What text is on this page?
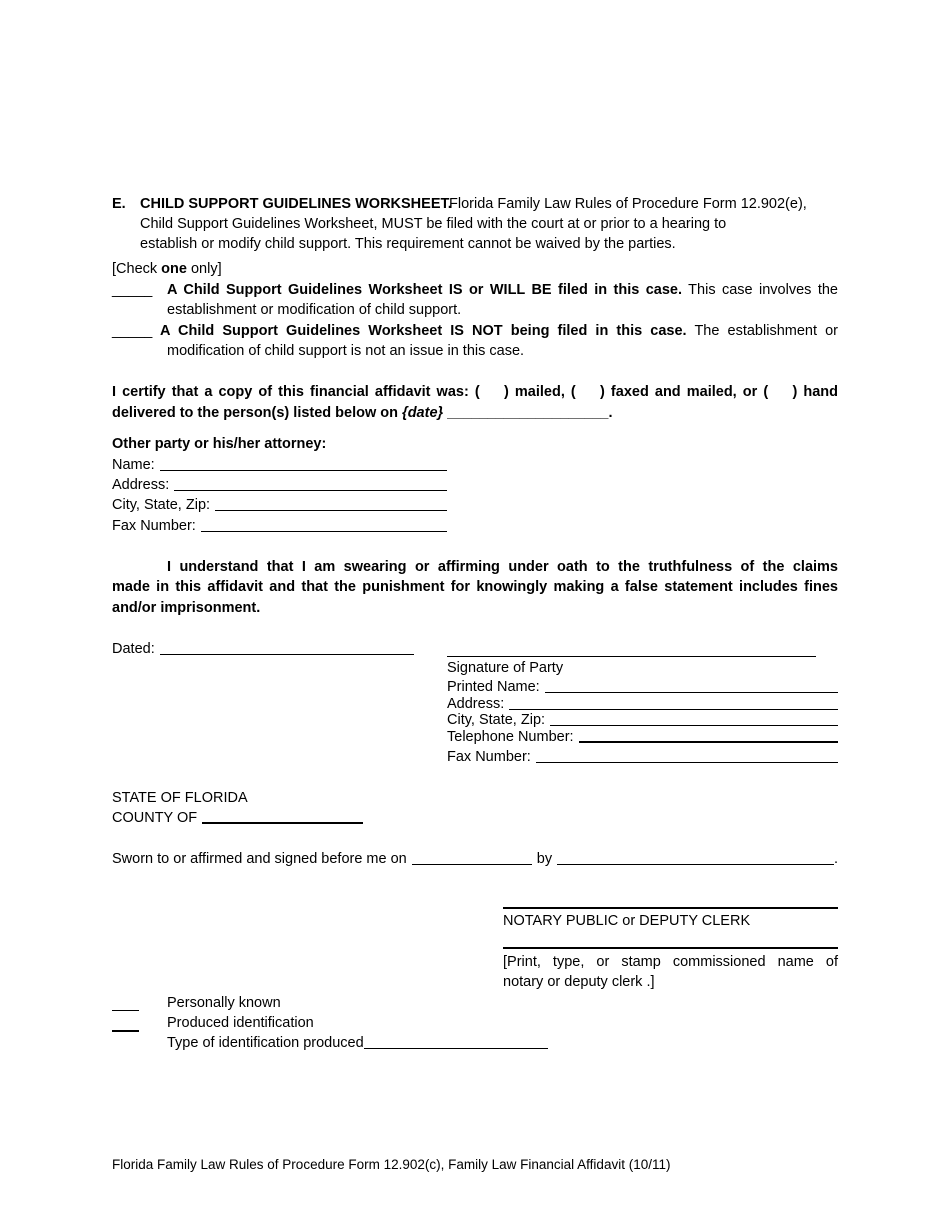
E. CHILD SUPPORT GUIDELINES WORKSHEET.
Florida Family Law Rules of Procedure Form 12.902(e),
Child Support Guidelines Worksheet, MUST be filed with the court at or prior to a hearing to
establish or modify child support. This requirement cannot be waived by the parties.
[Check one only]
_____ A Child Support Guidelines Worksheet IS or WILL BE filed in this case. This case involves the
establishment or modification of child support.
_____ A Child Support Guidelines Worksheet IS NOT being filed in this case. The establishment or
modification of child support is not an issue in this case.
I certify that a copy of this financial affidavit was: (    ) mailed, (    ) faxed and mailed, or (    ) hand
delivered to the person(s) listed below on {date} ____________________.
Other party or his/her attorney:
Name:
Address:
City, State, Zip:
Fax Number:
I understand that I am swearing or affirming under oath to the truthfulness of the claims
made in this affidavit and that the punishment for knowingly making a false statement includes fines
and/or imprisonment.
Dated:
Signature of Party
Printed Name:
Address:
City, State, Zip:
Telephone Number:
Fax Number:
STATE OF FLORIDA
COUNTY OF
Sworn to or affirmed and signed before me on	by	.
NOTARY PUBLIC or DEPUTY CLERK
[Print, type, or stamp commissioned name of
notary or deputy clerk .]
Personally known
Produced identification
Type of identification produced
Florida Family Law Rules of Procedure Form 12.902(c), Family Law Financial Affidavit (10/11)
